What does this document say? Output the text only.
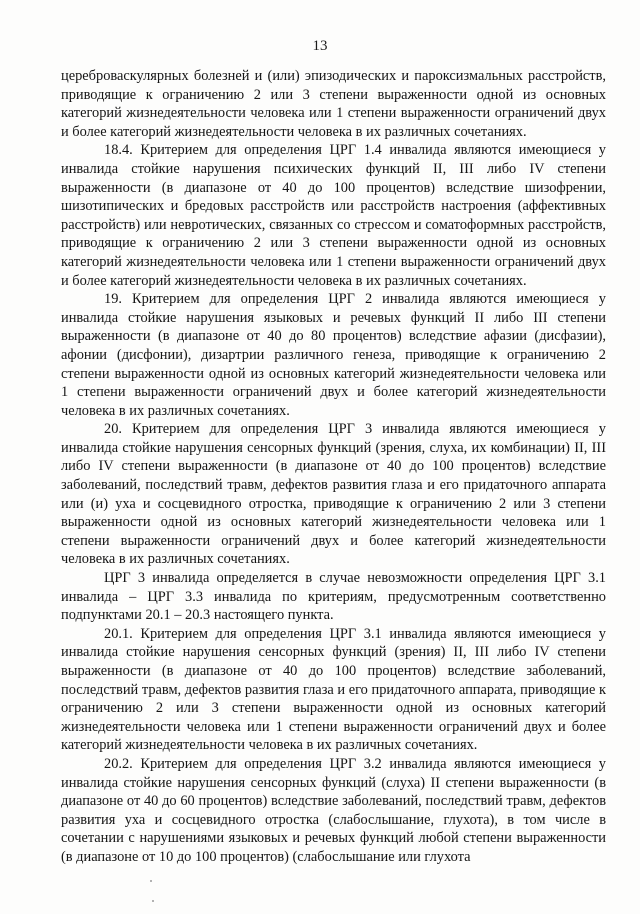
13

цереброваскулярных болезней и (или) эпизодических и пароксизмальных расстройств, приводящие к ограничению 2 или 3 степени выраженности одной из основных категорий жизнедеятельности человека или 1 степени выраженности ограничений двух и более категорий жизнедеятельности человека в их различных сочетаниях.

18.4. Критерием для определения ЦРГ 1.4 инвалида являются имеющиеся у инвалида стойкие нарушения психических функций II, III либо IV степени выраженности (в диапазоне от 40 до 100 процентов) вследствие шизофрении, шизотипических и бредовых расстройств или расстройств настроения (аффективных расстройств) или невротических, связанных со стрессом и соматоформных расстройств, приводящие к ограничению 2 или 3 степени выраженности одной из основных категорий жизнедеятельности человека или 1 степени выраженности ограничений двух и более категорий жизнедеятельности человека в их различных сочетаниях.

19. Критерием для определения ЦРГ 2 инвалида являются имеющиеся у инвалида стойкие нарушения языковых и речевых функций II либо III степени выраженности (в диапазоне от 40 до 80 процентов) вследствие афазии (дисфазии), афонии (дисфонии), дизартрии различного генеза, приводящие к ограничению 2 степени выраженности одной из основных категорий жизнедеятельности человека или 1 степени выраженности ограничений двух и более категорий жизнедеятельности человека в их различных сочетаниях.

20. Критерием для определения ЦРГ 3 инвалида являются имеющиеся у инвалида стойкие нарушения сенсорных функций (зрения, слуха, их комбинации) II, III либо IV степени выраженности (в диапазоне от 40 до 100 процентов) вследствие заболеваний, последствий травм, дефектов развития глаза и его придаточного аппарата или (и) уха и сосцевидного отростка, приводящие к ограничению 2 или 3 степени выраженности одной из основных категорий жизнедеятельности человека или 1 степени выраженности ограничений двух и более категорий жизнедеятельности человека в их различных сочетаниях.

ЦРГ 3 инвалида определяется в случае невозможности определения ЦРГ 3.1 инвалида – ЦРГ 3.3 инвалида по критериям, предусмотренным соответственно подпунктами 20.1 – 20.3 настоящего пункта.

20.1. Критерием для определения ЦРГ 3.1 инвалида являются имеющиеся у инвалида стойкие нарушения сенсорных функций (зрения) II, III либо IV степени выраженности (в диапазоне от 40 до 100 процентов) вследствие заболеваний, последствий травм, дефектов развития глаза и его придаточного аппарата, приводящие к ограничению 2 или 3 степени выраженности одной из основных категорий жизнедеятельности человека или 1 степени выраженности ограничений двух и более категорий жизнедеятельности человека в их различных сочетаниях.

20.2. Критерием для определения ЦРГ 3.2 инвалида являются имеющиеся у инвалида стойкие нарушения сенсорных функций (слуха) II степени выраженности (в диапазоне от 40 до 60 процентов) вследствие заболеваний, последствий травм, дефектов развития уха и сосцевидного отростка (слабослышание, глухота), в том числе в сочетании с нарушениями языковых и речевых функций любой степени выраженности (в диапазоне от 10 до 100 процентов) (слабослышание или глухота
